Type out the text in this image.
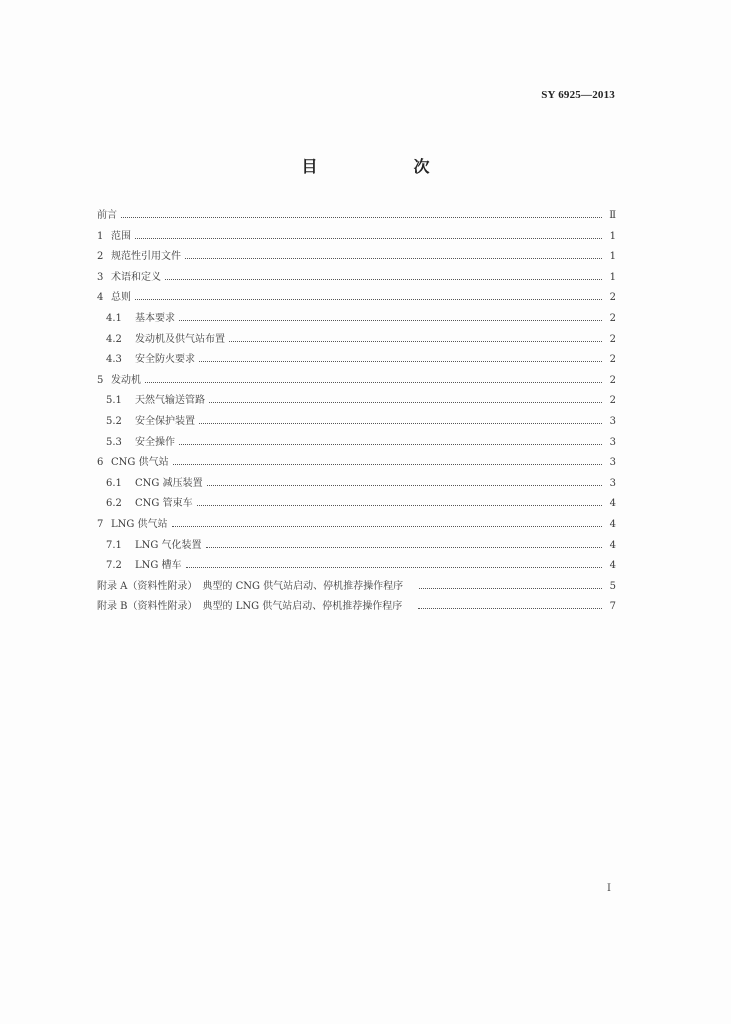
SY 6925—2013
目　次
前言	Ⅱ
1 范围	1
2 规范性引用文件	1
3 术语和定义	1
4 总则	2
4.1	基本要求	2
4.2	发动机及供气站布置	2
4.3	安全防火要求	2
5 发动机	2
5.1	天然气输送管路	2
5.2	安全保护装置	3
5.3	安全操作	3
6 CNG 供气站	3
6.1	CNG 减压装置	3
6.2	CNG 管束车	4
7 LNG 供气站	4
7.1	LNG 气化装置	4
7.2	LNG 槽车	4
附录 A（资料性附录）　典型的 CNG 供气站启动、停机推荐操作程序	5
附录 B（资料性附录）　典型的 LNG 供气站启动、停机推荐操作程序	7
I
